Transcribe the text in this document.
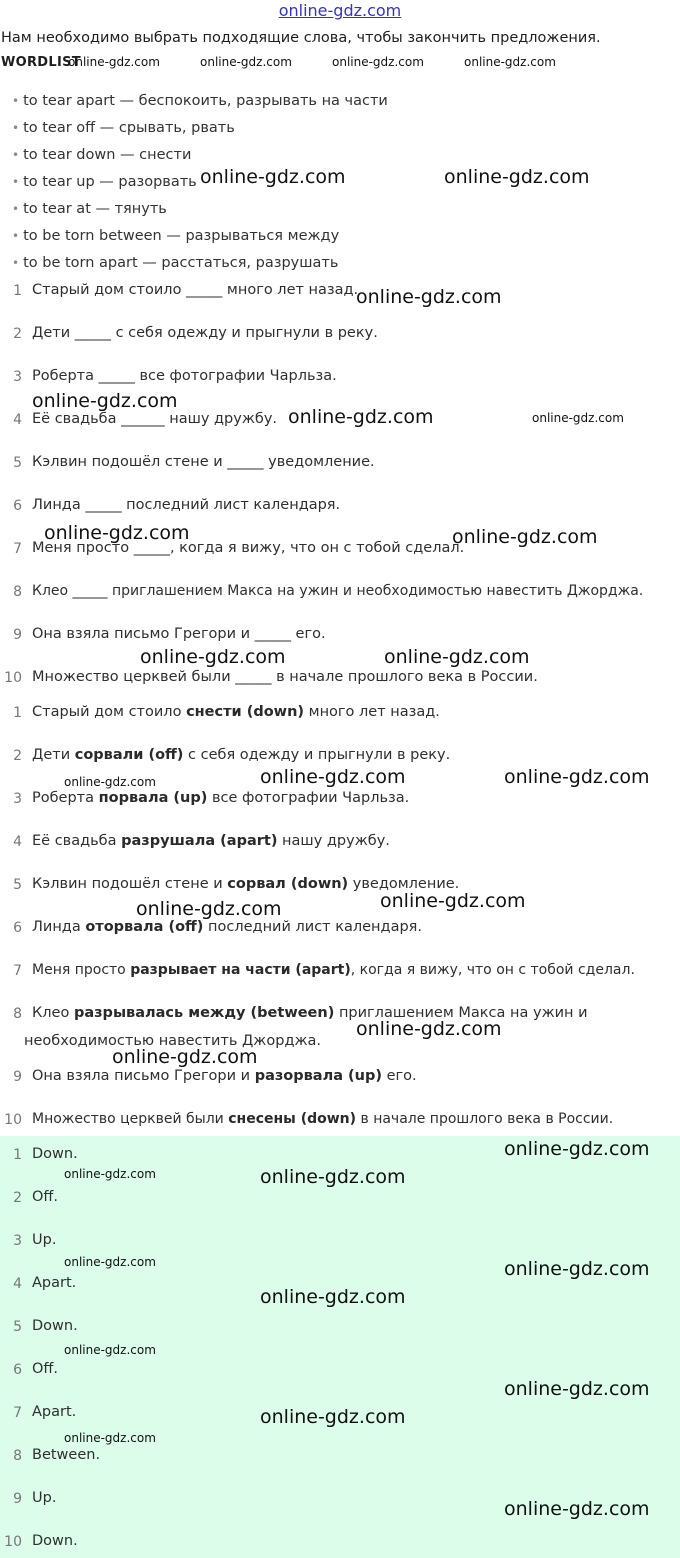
online-gdz.com
Нам необходимо выбрать подходящие слова, чтобы закончить предложения.
WORDLIST
• to tear apart — беспокоить, разрывать на части
• to tear off — срывать, рвать
• to tear down — снести
• to tear up — разорвать
• to tear at — тянуть
• to be torn between — разрываться между
• to be torn apart — расстаться, разрушать
1 Старый дом стоило _____ много лет назад.
2 Дети _____ с себя одежду и прыгнули в реку.
3 Роберта _____ все фотографии Чарльза.
4 Её свадьба ______ нашу дружбу.
5 Кэлвин подошёл стене и _____ уведомление.
6 Линда _____ последний лист календаря.
7 Меня просто _____, когда я вижу, что он с тобой сделал.
8 Клео _____ приглашением Макса на ужин и необходимостью навестить Джорджа.
9 Она взяла письмо Грегори и _____ его.
10 Множество церквей были _____ в начале прошлого века в России.
1 Старый дом стоило снести (down) много лет назад.
2 Дети сорвали (off) с себя одежду и прыгнули в реку.
3 Роберта порвала (up) все фотографии Чарльза.
4 Её свадьба разрушала (apart) нашу дружбу.
5 Кэлвин подошёл стене и сорвал (down) уведомление.
6 Линда оторвала (off) последний лист календаря.
7 Меня просто разрывает на части (apart), когда я вижу, что он с тобой сделал.
8 Клео разрывалась между (between) приглашением Макса на ужин и
необходимостью навестить Джорджа.
9 Она взяла письмо Грегори и разорвала (up) его.
10 Множество церквей были снесены (down) в начале прошлого века в России.
1 Down.
2 Off.
3 Up.
4 Apart.
5 Down.
6 Off.
7 Apart.
8 Between.
9 Up.
10 Down.
online-gdz.com	online-gdz.com	online-gdz.com	online-gdz.com
online-gdz.com	online-gdz.com
online-gdz.com
online-gdz.com
online-gdz.com	online-gdz.com
online-gdz.com	online-gdz.com
online-gdz.com	online-gdz.com
online-gdz.com	online-gdz.com	online-gdz.com
online-gdz.com
online-gdz.com
online-gdz.com
online-gdz.com
online-gdz.com
online-gdz.com	online-gdz.com
online-gdz.com	online-gdz.com
online-gdz.com
online-gdz.com
online-gdz.com
online-gdz.com
online-gdz.com
online-gdz.com
